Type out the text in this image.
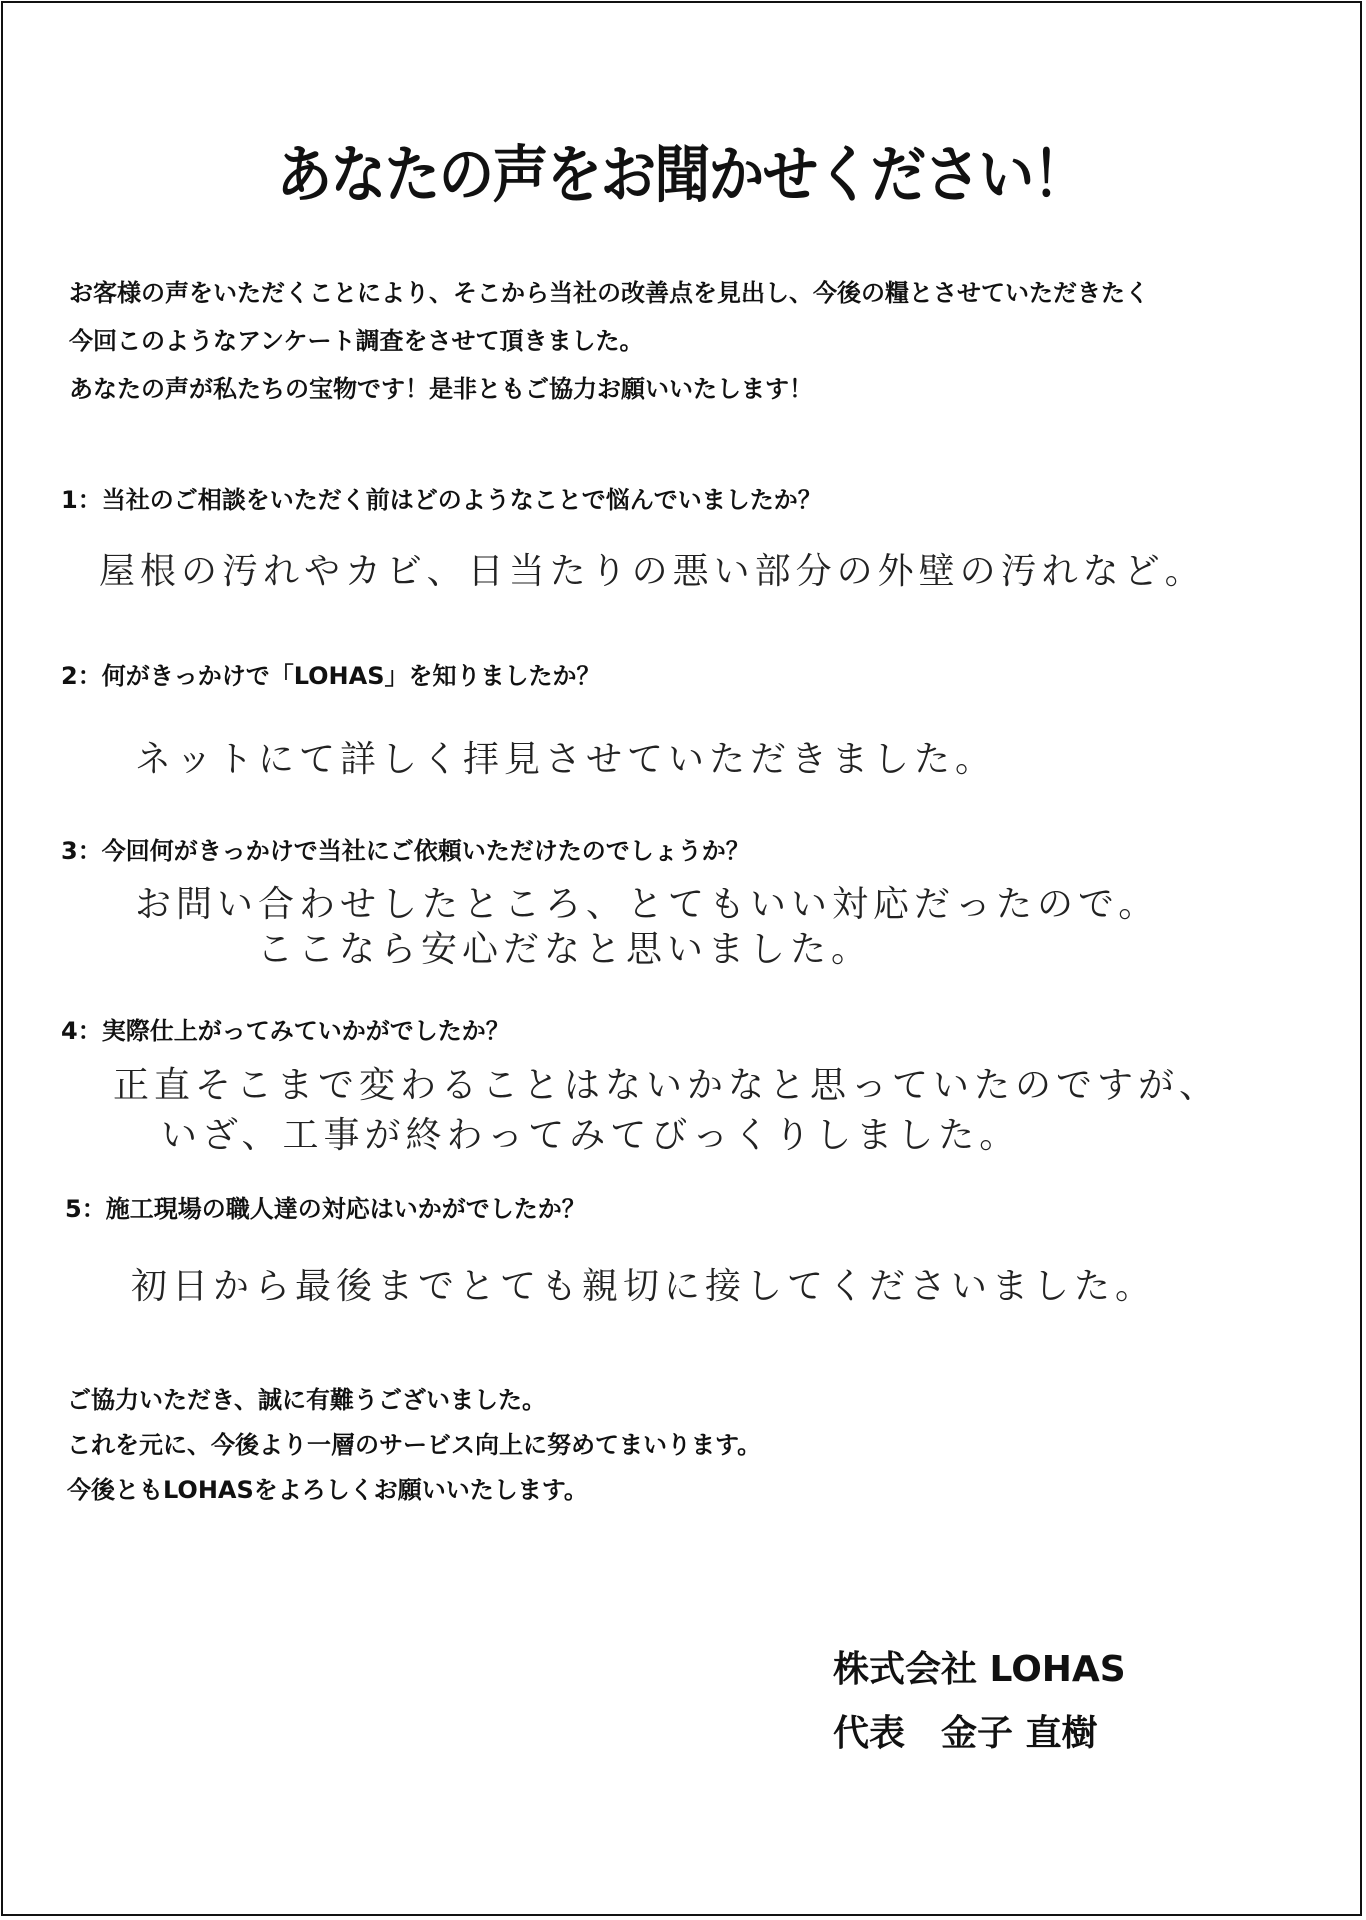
あなたの声をお聞かせください！

お客様の声をいただくことにより、そこから当社の改善点を見出し、今後の糧とさせていただきたく

今回このようなアンケート調査をさせて頂きました。

あなたの声が私たちの宝物です！是非ともご協力お願いいたします！

1：当社のご相談をいただく前はどのようなことで悩んでいましたか？

屋根の汚れやカビ、日当たりの悪い部分の外壁の汚れなど。

2：何がきっかけで「LOHAS」を知りましたか？

ネットにて詳しく拝見させていただきました。

3：今回何がきっかけで当社にご依頼いただけたのでしょうか？

お問い合わせしたところ、とてもいい対応だったので。

ここなら安心だなと思いました。

4：実際仕上がってみていかがでしたか？

正直そこまで変わることはないかなと思っていたのですが、

いざ、工事が終わってみてびっくりしました。

5：施工現場の職人達の対応はいかがでしたか？

初日から最後までとても親切に接してくださいました。

ご協力いただき、誠に有難うございました。

これを元に、今後より一層のサービス向上に努めてまいります。

今後ともLOHASをよろしくお願いいたします。

株式会社 LOHAS

代表　金子 直樹
